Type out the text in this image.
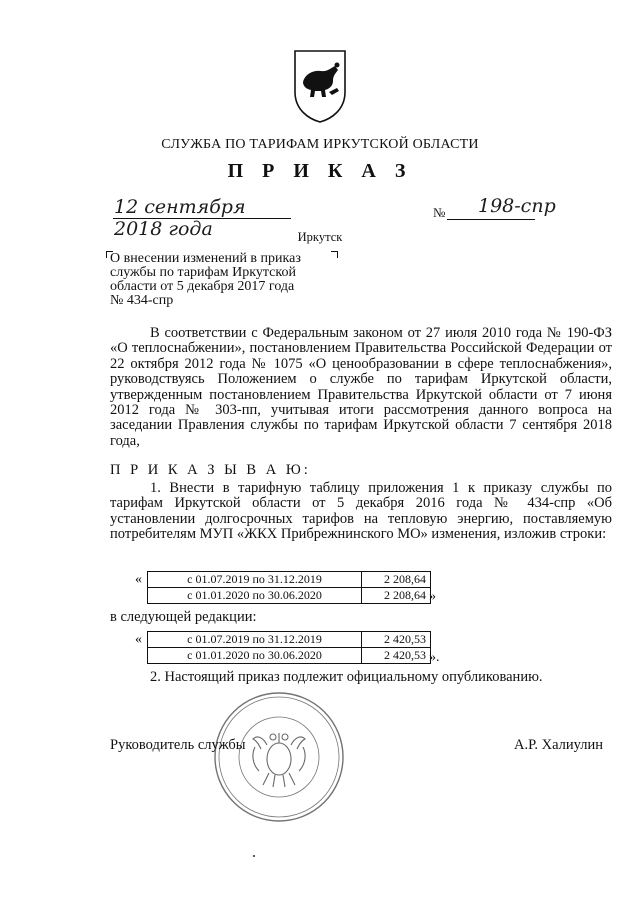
СЛУЖБА ПО ТАРИФАМ ИРКУТСКОЙ ОБЛАСТИ
П Р И К А З
12 сентября 2018 года
№ 198-спр
Иркутск

О внесении изменений в приказ

службы по тарифам Иркутской

области от 5 декабря 2017 года

№ 434-спр

В соответствии с Федеральным законом от 27 июля 2010 года № 190-ФЗ «О теплоснабжении», постановлением Правительства Российской Федерации от 22 октября 2012 года № 1075 «О ценообразовании в сфере теплоснабжения», руководствуясь Положением о службе по тарифам Иркутской области, утвержденным постановлением Правительства Иркутской области от 7 июня 2012 года № 303-пп, учитывая итоги рассмотрения данного вопроса на заседании Правления службы по тарифам Иркутской области 7 сентября 2018 года,

П Р И К А З Ы В А Ю:

1. Внести в тарифную таблицу приложения 1 к приказу службы по тарифам Иркутской области от 5 декабря 2016 года № 434-спр «Об установлении долгосрочных тарифов на тепловую энергию, поставляемую потребителям МУП «ЖКХ Прибрежнинского МО» изменения, изложив строки:

«	с 01.07.2019 по 31.12.2019	2 208,64
с 01.01.2020 по 30.06.2020	2 208,64 »
в следующей редакции:
«	с 01.07.2019 по 31.12.2019	2 420,53
с 01.01.2020 по 30.06.2020	2 420,53 ».
2. Настоящий приказ подлежит официальному опубликованию.
Руководитель службы	А.Р. Халиулин
